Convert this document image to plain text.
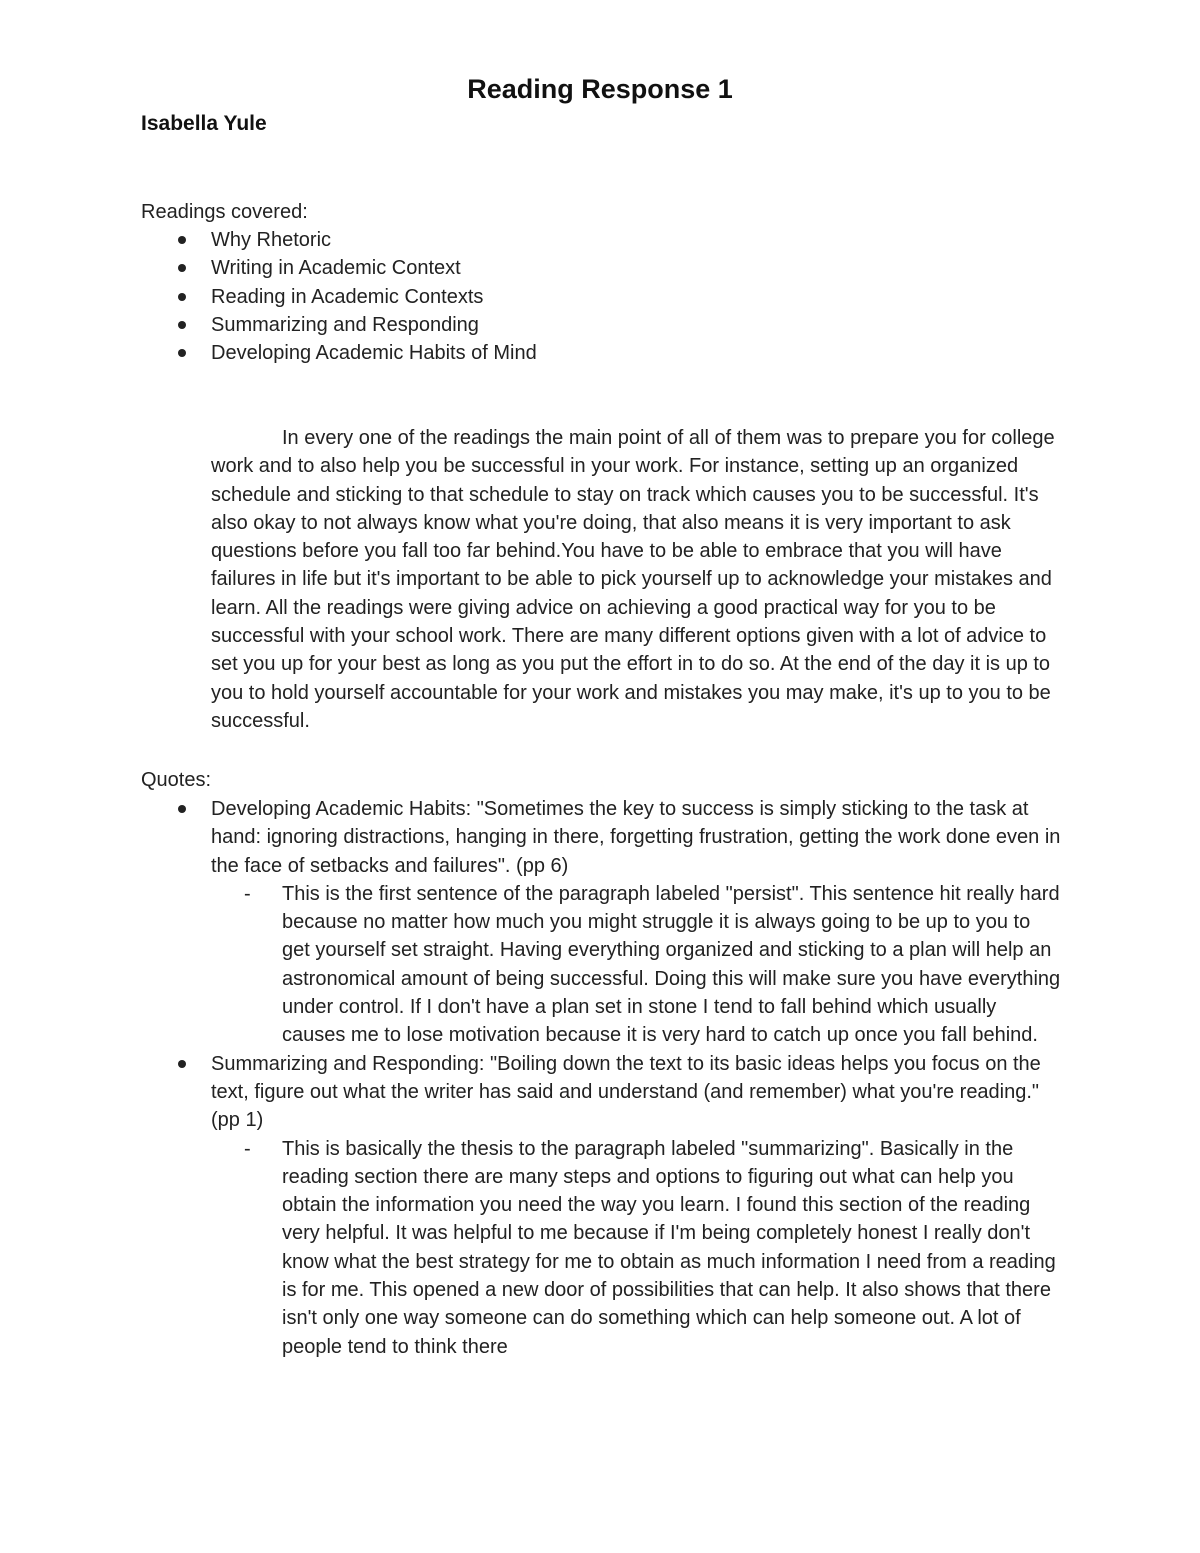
Reading Response 1

Isabella Yule

Readings covered:

Why Rhetoric
Writing in Academic Context
Reading in Academic Contexts
Summarizing and Responding
Developing Academic Habits of Mind

In every one of the readings the main point of all of them was to prepare you for college work and to also help you be successful in your work. For instance, setting up an organized schedule and sticking to that schedule to stay on track which causes you to be successful. It's also okay to not always know what you're doing, that also means it is very important to ask questions before you fall too far behind.You have to be able to embrace that you will have failures in life but it's important to be able to pick yourself up to acknowledge your mistakes and learn. All the readings were giving advice on achieving a good practical way for you to be successful with your school work. There are many different options given with a lot of advice to set you up for your best as long as you put the effort in to do so. At the end of the day it is up to you to hold yourself accountable for your work and mistakes you may make, it's up to you to be successful.

Quotes:

Developing Academic Habits: "Sometimes the key to success is simply sticking to the task at hand: ignoring distractions, hanging in there, forgetting frustration, getting the work done even in the face of setbacks and failures". (pp 6)
- This is the first sentence of the paragraph labeled "persist". This sentence hit really hard because no matter how much you might struggle it is always going to be up to you to get yourself set straight. Having everything organized and sticking to a plan will help an astronomical amount of being successful. Doing this will make sure you have everything under control. If I don't have a plan set in stone I tend to fall behind which usually causes me to lose motivation because it is very hard to catch up once you fall behind.
Summarizing and Responding: "Boiling down the text to its basic ideas helps you focus on the text, figure out what the writer has said and understand (and remember) what you're reading." (pp 1)
- This is basically the thesis to the paragraph labeled "summarizing". Basically in the reading section there are many steps and options to figuring out what can help you obtain the information you need the way you learn. I found this section of the reading very helpful. It was helpful to me because if I'm being completely honest I really don't know what the best strategy for me to obtain as much information I need from a reading is for me. This opened a new door of possibilities that can help. It also shows that there isn't only one way someone can do something which can help someone out. A lot of people tend to think there
